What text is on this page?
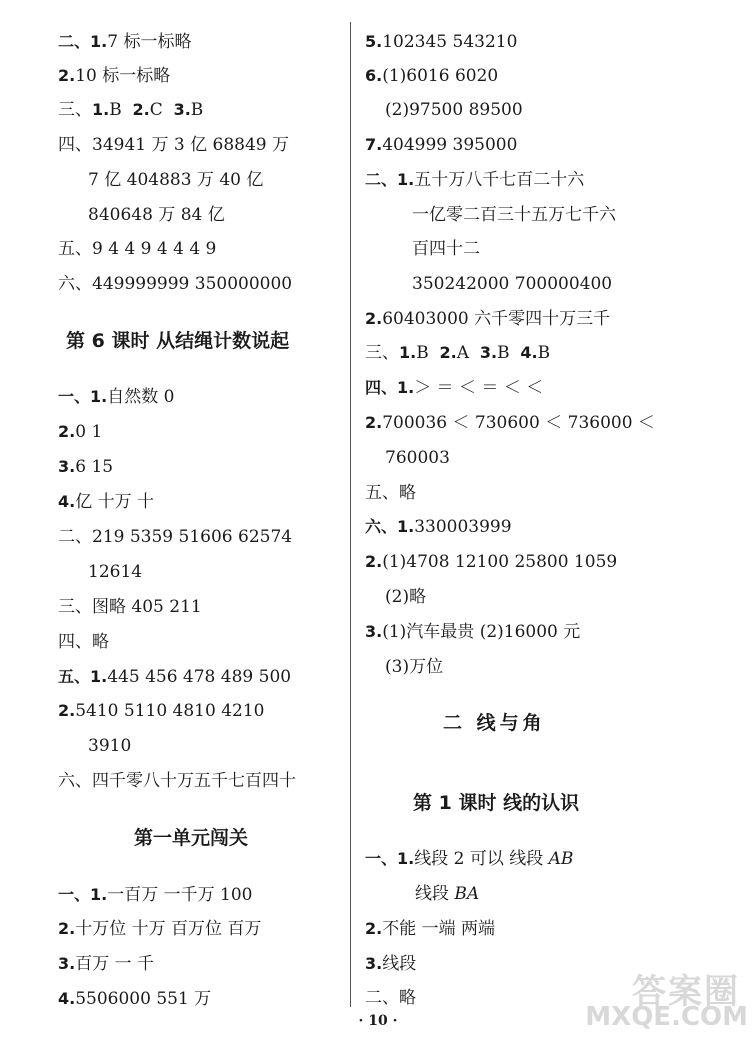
二、1.7 标一标略
2.10 标一标略
三、1.B 2.C 3.B
四、34941 万 3 亿 68849 万
7 亿 404883 万 40 亿
840648 万 84 亿
五、9 4 4 9 4 4 4 9
六、449999999 350000000
第 6 课时 从结绳计数说起
一、1.自然数 0
2.0 1
3.6 15
4.亿 十万 十
二、219 5359 51606 62574
12614
三、图略 405 211
四、略
五、1.445 456 478 489 500
2.5410 5110 4810 4210
3910
六、四千零八十万五千七百四十
第一单元闯关
一、1.一百万 一千万 100
2.十万位 十万 百万位 百万
3.百万 一 千
4.5506000 551 万
5.102345 543210
6.(1)6016 6020
(2)97500 89500
7.404999 395000
二、1.五十万八千七百二十六
一亿零二百三十五万七千六
百四十二
350242000 700000400
2.60403000 六千零四十万三千
三、1.B 2.A 3.B 4.B
四、1.＞ ＝ ＜ ＝ ＜ ＜
2.700036 ＜ 730600 ＜ 736000 ＜
760003
五、略
六、1.330003999
2.(1)4708 12100 25800 1059
(2)略
3.(1)汽车最贵 (2)16000 元
(3)万位
二 线与角
第 1 课时 线的认识
一、1.线段 2 可以 线段 AB
线段 BA
2.不能 一端 两端
3.线段
二、略
· 10 ·
答案圈
MXQE.COM
